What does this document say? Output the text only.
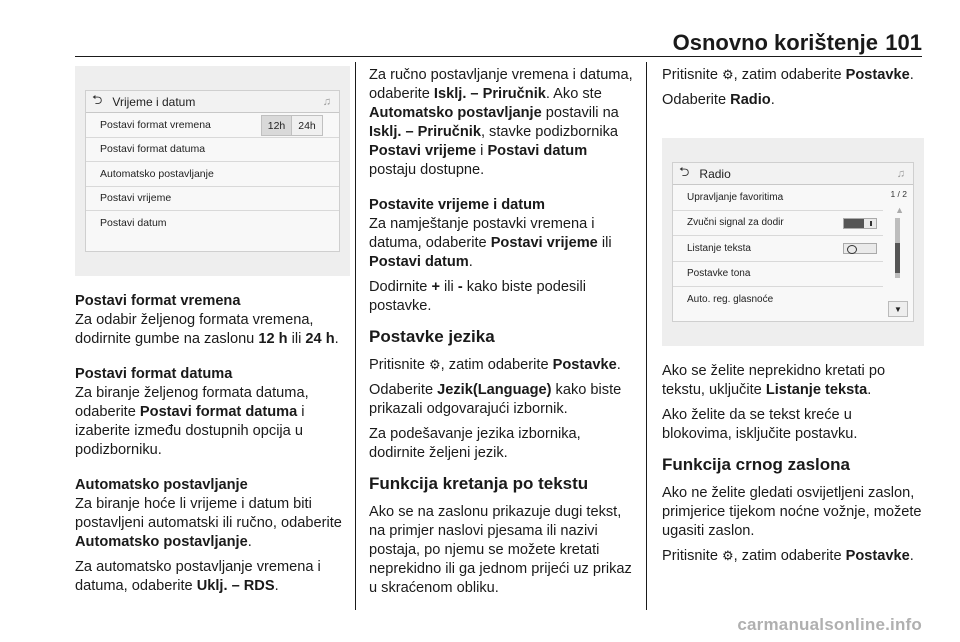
Osnovno korištenje 101
⮌ Vrijeme i datum	♫
Postavi format vremena	12h	24h
Postavi format datuma
Automatsko postavljanje
Postavi vrijeme
Postavi datum
Postavi format vremena
Za odabir željenog formata vremena, dodirnite gumbe na zaslonu 12 h ili 24 h.
Postavi format datuma
Za biranje željenog formata datuma, odaberite Postavi format datuma i izaberite između dostupnih opcija u podizborniku.
Automatsko postavljanje
Za biranje hoće li vrijeme i datum biti postavljeni automatski ili ručno, odaberite Automatsko postavljanje.
Za automatsko postavljanje vremena i datuma, odaberite Uklj. – RDS.
Za ručno postavljanje vremena i datuma, odaberite Isklj. – Priručnik. Ako ste Automatsko postavljanje postavili na Isklj. – Priručnik, stavke podizbornika Postavi vrijeme i Postavi datum postaju dostupne.
Postavite vrijeme i datum
Za namještanje postavki vremena i datuma, odaberite Postavi vrijeme ili Postavi datum.
Dodirnite + ili - kako biste podesili postavke.
Postavke jezika
Pritisnite ⚙, zatim odaberite Postavke.
Odaberite Jezik(Language) kako biste prikazali odgovarajući izbornik.
Za podešavanje jezika izbornika, dodirnite željeni jezik.
Funkcija kretanja po tekstu
Ako se na zaslonu prikazuje dugi tekst, na primjer naslovi pjesama ili nazivi postaja, po njemu se možete kretati neprekidno ili ga jednom prijeći uz prikaz u skraćenom obliku.
Pritisnite ⚙, zatim odaberite Postavke.
Odaberite Radio.
⮌ Radio	♫
Upravljanje favoritima
Zvučni signal za dodir
Listanje teksta
Postavke tona
Auto. reg. glasnoće
1 / 2
▲
▼
Ako se želite neprekidno kretati po tekstu, uključite Listanje teksta.
Ako želite da se tekst kreće u blokovima, isključite postavku.
Funkcija crnog zaslona
Ako ne želite gledati osvijetljeni zaslon, primjerice tijekom noćne vožnje, možete ugasiti zaslon.
Pritisnite ⚙, zatim odaberite Postavke.
carmanualsonline.info
